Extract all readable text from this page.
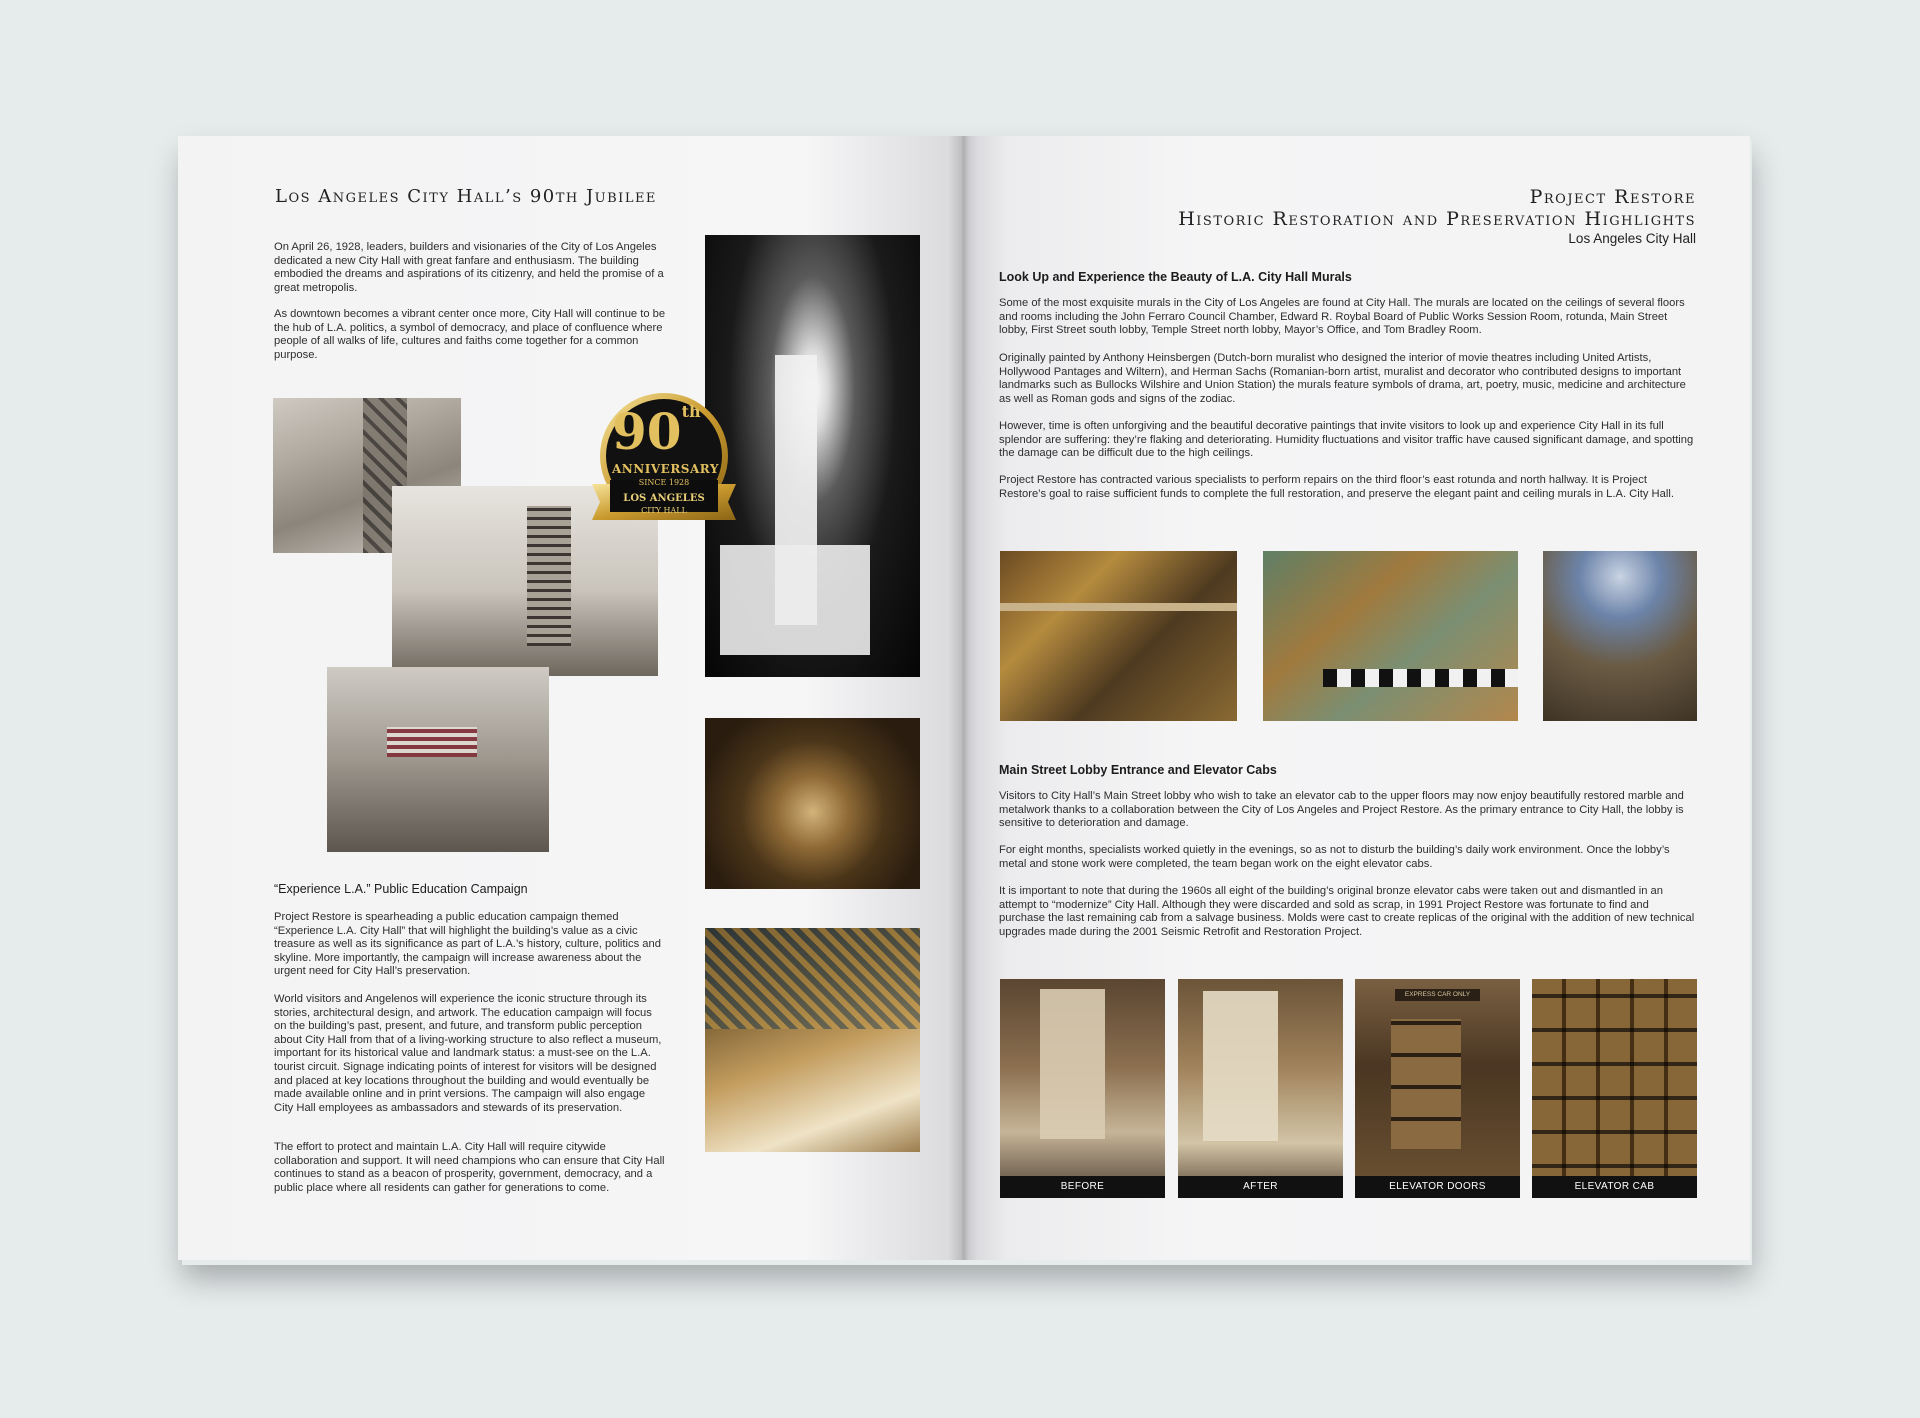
Los Angeles City Hall’s 90th Jubilee
On April 26, 1928, leaders, builders and visionaries of the City of Los Angeles dedicated a new City Hall with great fanfare and enthusiasm. The building embodied the dreams and aspirations of its citizenry, and held the promise of a great metropolis.
As downtown becomes a vibrant center once more, City Hall will continue to be the hub of L.A. politics, a symbol of democracy, and place of confluence where people of all walks of life, cultures and faiths come together for a common purpose.
90th
ANNIVERSARY
SINCE 1928
LOS ANGELES
CITY HALL
“Experience L.A.” Public Education Campaign
Project Restore is spearheading a public education campaign themed “Experience L.A. City Hall” that will highlight the building’s value as a civic treasure as well as its significance as part of L.A.’s history, culture, politics and skyline. More importantly, the campaign will increase awareness about the urgent need for City Hall’s preservation.
World visitors and Angelenos will experience the iconic structure through its stories, architectural design, and artwork. The education campaign will focus on the building’s past, present, and future, and transform public perception about City Hall from that of a living-working structure to also reflect a museum, important for its historical value and landmark status: a must-see on the L.A. tourist circuit. Signage indicating points of interest for visitors will be designed and placed at key locations throughout the building and would eventually be made available online and in print versions. The campaign will also engage City Hall employees as ambassadors and stewards of its preservation.
The effort to protect and maintain L.A. City Hall will require citywide collaboration and support. It will need champions who can ensure that City Hall continues to stand as a beacon of prosperity, government, democracy, and a public place where all residents can gather for generations to come.
Project Restore
Historic Restoration and Preservation Highlights
Los Angeles City Hall
Look Up and Experience the Beauty of L.A. City Hall Murals
Some of the most exquisite murals in the City of Los Angeles are found at City Hall. The murals are located on the ceilings of several floors and rooms including the John Ferraro Council Chamber, Edward R. Roybal Board of Public Works Session Room, rotunda, Main Street lobby, First Street south lobby, Temple Street north lobby, Mayor’s Office, and Tom Bradley Room.
Originally painted by Anthony Heinsbergen (Dutch-born muralist who designed the interior of movie theatres including United Artists, Hollywood Pantages and Wiltern), and Herman Sachs (Romanian-born artist, muralist and decorator who contributed designs to important landmarks such as Bullocks Wilshire and Union Station) the murals feature symbols of drama, art, poetry, music, medicine and architecture as well as Roman gods and signs of the zodiac.
However, time is often unforgiving and the beautiful decorative paintings that invite visitors to look up and experience City Hall in its full splendor are suffering: they’re flaking and deteriorating. Humidity fluctuations and visitor traffic have caused significant damage, and spotting the damage can be difficult due to the high ceilings.
Project Restore has contracted various specialists to perform repairs on the third floor’s east rotunda and north hallway. It is Project Restore’s goal to raise sufficient funds to complete the full restoration, and preserve the elegant paint and ceiling murals in L.A. City Hall.
Main Street Lobby Entrance and Elevator Cabs
Visitors to City Hall’s Main Street lobby who wish to take an elevator cab to the upper floors may now enjoy beautifully restored marble and metalwork thanks to a collaboration between the City of Los Angeles and Project Restore. As the primary entrance to City Hall, the lobby is sensitive to deterioration and damage.
For eight months, specialists worked quietly in the evenings, so as not to disturb the building’s daily work environment. Once the lobby’s metal and stone work were completed, the team began work on the eight elevator cabs.
It is important to note that during the 1960s all eight of the building’s original bronze elevator cabs were taken out and dismantled in an attempt to “modernize” City Hall. Although they were discarded and sold as scrap, in 1991 Project Restore was fortunate to find and purchase the last remaining cab from a salvage business. Molds were cast to create replicas of the original with the addition of new technical upgrades made during the 2001 Seismic Retrofit and Restoration Project.
BEFORE	AFTER
EXPRESS CAR ONLY
ELEVATOR DOORS	ELEVATOR CAB
